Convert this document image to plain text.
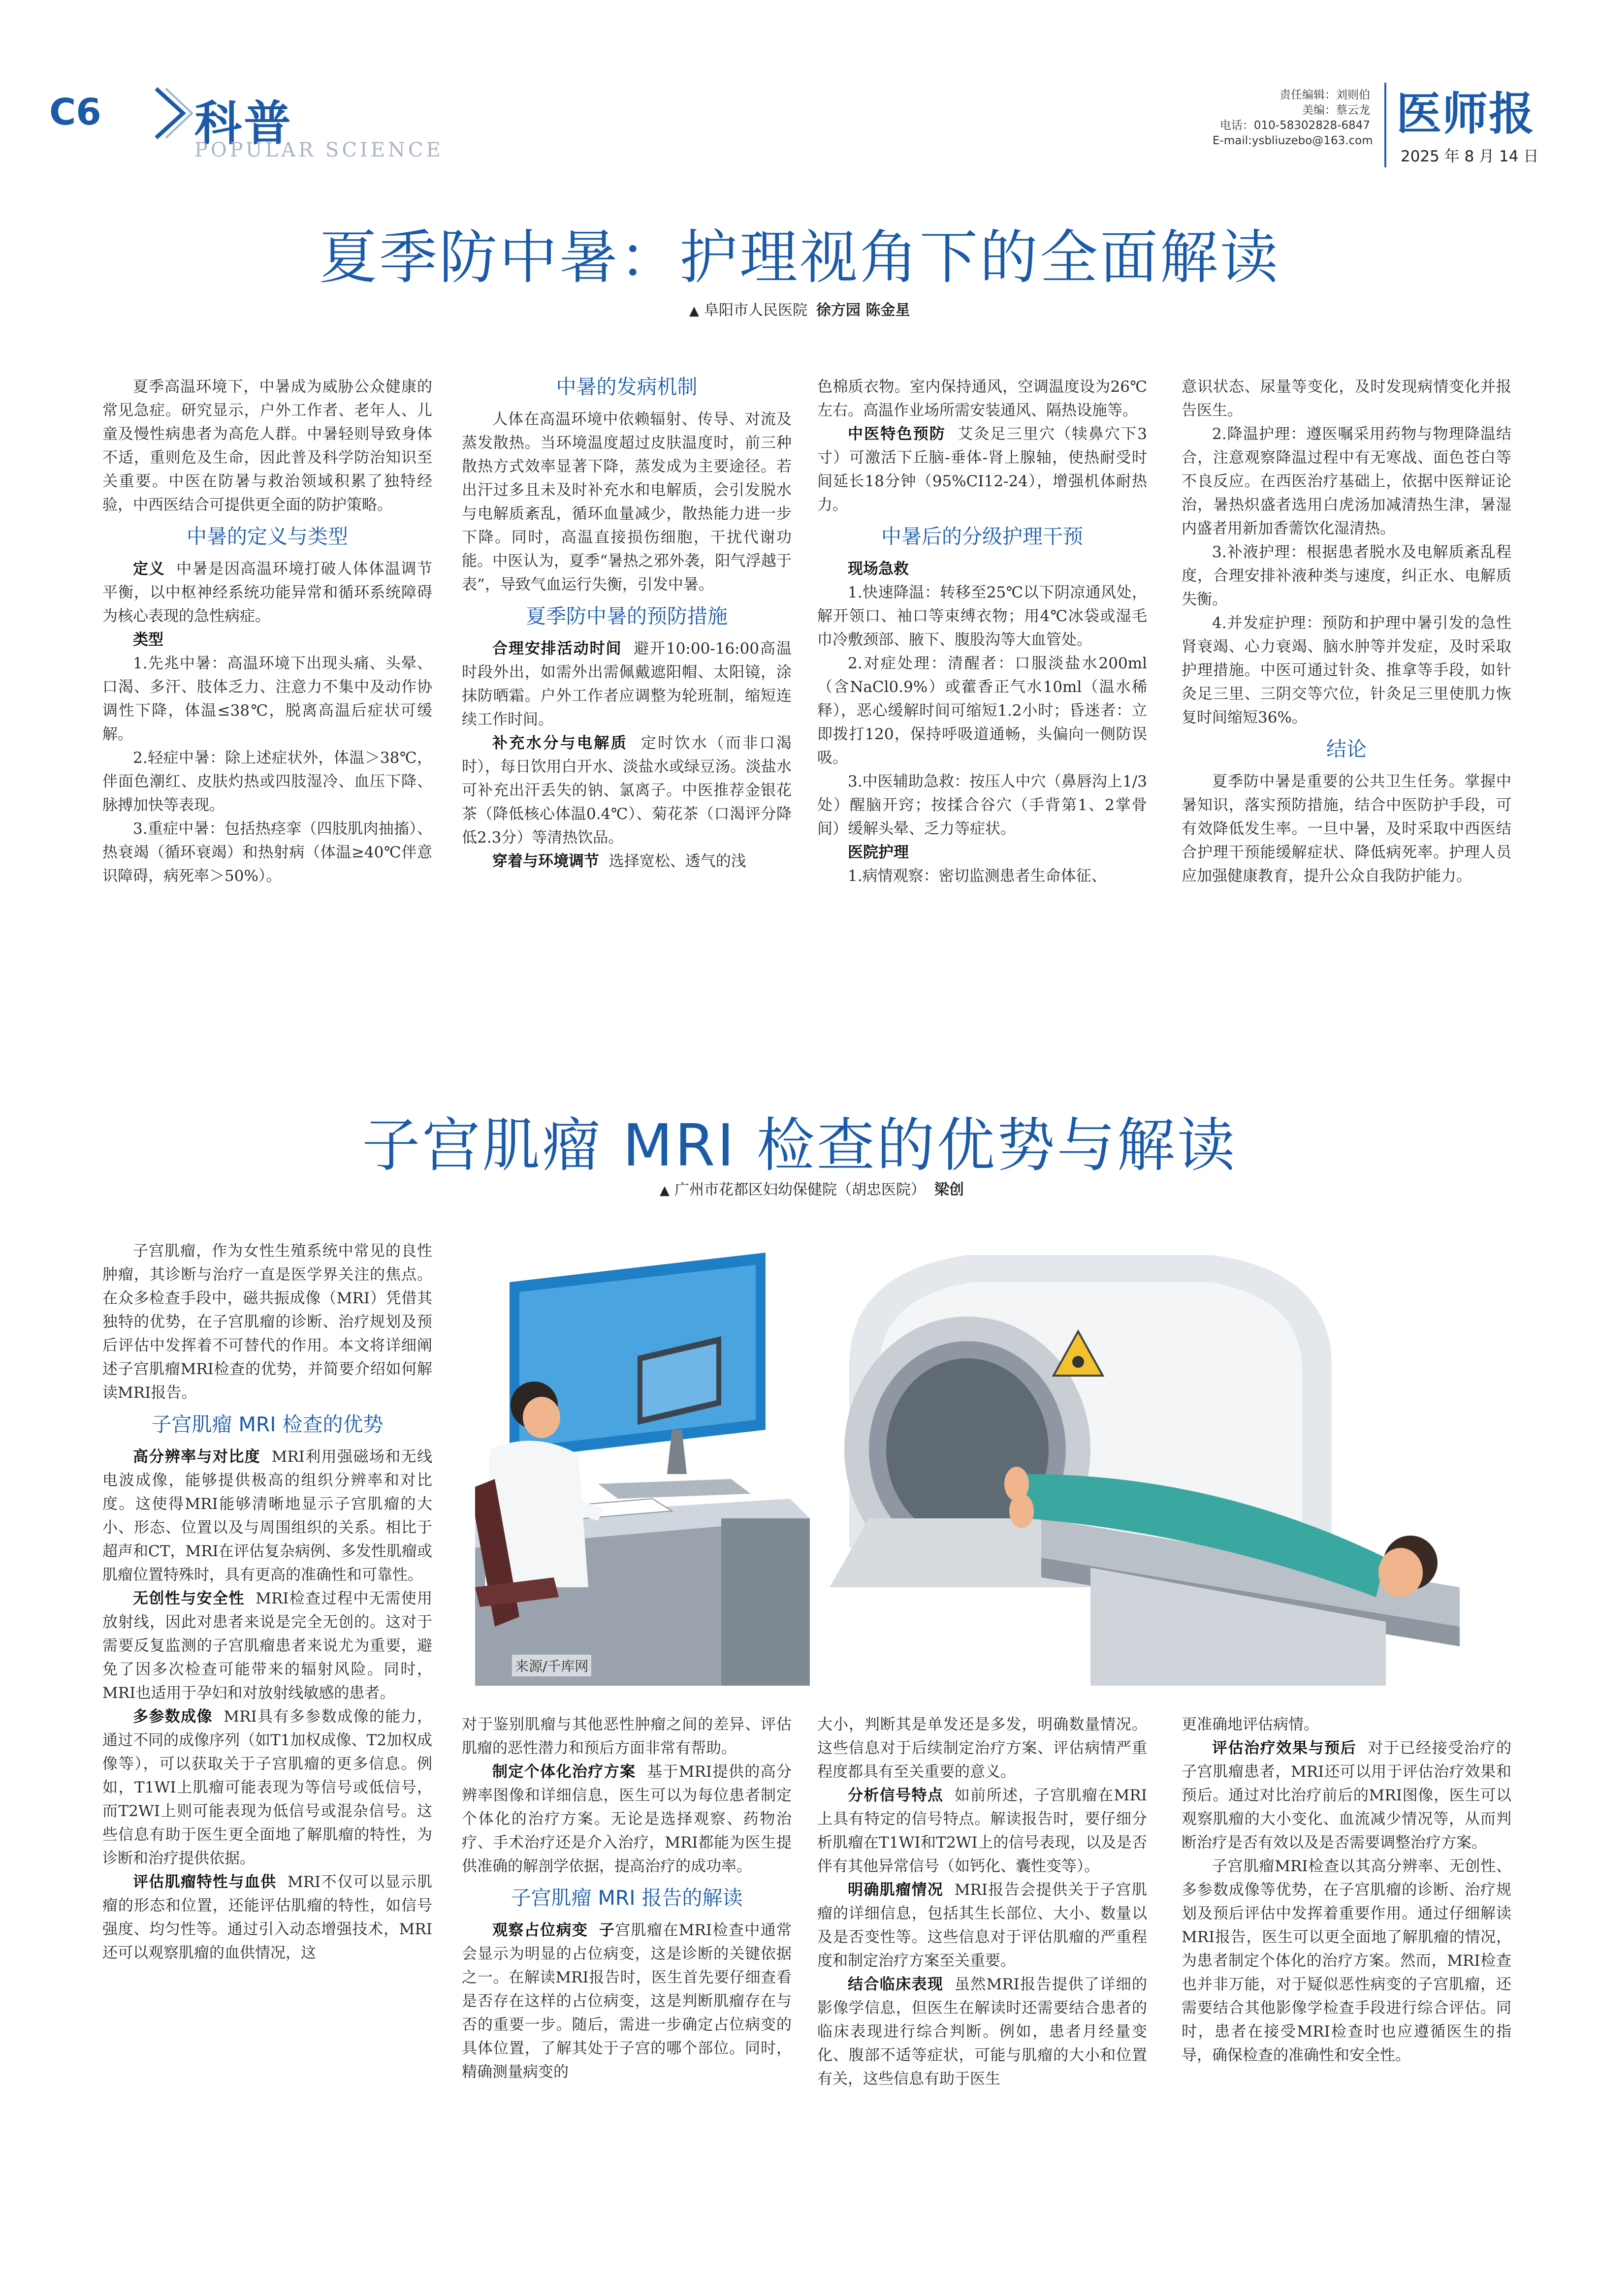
C6 科普
POPULAR SCIENCE
责任编辑：刘则伯
美编：蔡云龙
电话：010-58302828-6847
E-mail:ysbliuzebo@163.com
医师报
2025 年 8 月 14 日
夏季防中暑：护理视角下的全面解读
▲ 阜阳市人民医院 徐方园 陈金星

夏季高温环境下，中暑成为威胁公众健康的常见急症。研究显示，户外工作者、老年人、儿童及慢性病患者为高危人群。中暑轻则导致身体不适，重则危及生命，因此普及科学防治知识至关重要。中医在防暑与救治领域积累了独特经验，中西医结合可提供更全面的防护策略。

中暑的定义与类型

定义 中暑是因高温环境打破人体体温调节平衡，以中枢神经系统功能异常和循环系统障碍为核心表现的急性病症。

类型

1.先兆中暑：高温环境下出现头痛、头晕、口渴、多汗、肢体乏力、注意力不集中及动作协调性下降，体温≤38℃，脱离高温后症状可缓解。

2.轻症中暑：除上述症状外，体温＞38℃，伴面色潮红、皮肤灼热或四肢湿冷、血压下降、脉搏加快等表现。

3.重症中暑：包括热痉挛（四肢肌肉抽搐）、热衰竭（循环衰竭）和热射病（体温≥40℃伴意识障碍，病死率＞50%）。

中暑的发病机制

人体在高温环境中依赖辐射、传导、对流及蒸发散热。当环境温度超过皮肤温度时，前三种散热方式效率显著下降，蒸发成为主要途径。若出汗过多且未及时补充水和电解质，会引发脱水与电解质紊乱，循环血量减少，散热能力进一步下降。同时，高温直接损伤细胞，干扰代谢功能。中医认为，夏季“暑热之邪外袭，阳气浮越于表”，导致气血运行失衡，引发中暑。

夏季防中暑的预防措施

合理安排活动时间 避开10:00-16:00高温时段外出，如需外出需佩戴遮阳帽、太阳镜，涂抹防晒霜。户外工作者应调整为轮班制，缩短连续工作时间。

补充水分与电解质 定时饮水（而非口渴时），每日饮用白开水、淡盐水或绿豆汤。淡盐水可补充出汗丢失的钠、氯离子。中医推荐金银花茶（降低核心体温0.4℃）、菊花茶（口渴评分降低2.3分）等清热饮品。

穿着与环境调节 选择宽松、透气的浅

色棉质衣物。室内保持通风，空调温度设为26℃左右。高温作业场所需安装通风、隔热设施等。

中医特色预防 艾灸足三里穴（犊鼻穴下3寸）可激活下丘脑-垂体-肾上腺轴，使热耐受时间延长18分钟（95%CI12-24），增强机体耐热力。

中暑后的分级护理干预

现场急救

1.快速降温：转移至25℃以下阴凉通风处，解开领口、袖口等束缚衣物；用4℃冰袋或湿毛巾冷敷颈部、腋下、腹股沟等大血管处。

2.对症处理：清醒者：口服淡盐水200ml（含NaCl0.9%）或藿香正气水10ml（温水稀释），恶心缓解时间可缩短1.2小时；昏迷者：立即拨打120，保持呼吸道通畅，头偏向一侧防误吸。

3.中医辅助急救：按压人中穴（鼻唇沟上1/3处）醒脑开窍；按揉合谷穴（手背第1、2掌骨间）缓解头晕、乏力等症状。

医院护理

1.病情观察：密切监测患者生命体征、

意识状态、尿量等变化，及时发现病情变化并报告医生。

2.降温护理：遵医嘱采用药物与物理降温结合，注意观察降温过程中有无寒战、面色苍白等不良反应。在西医治疗基础上，依据中医辩证论治，暑热炽盛者选用白虎汤加减清热生津，暑湿内盛者用新加香薷饮化湿清热。

3.补液护理：根据患者脱水及电解质紊乱程度，合理安排补液种类与速度，纠正水、电解质失衡。

4.并发症护理：预防和护理中暑引发的急性肾衰竭、心力衰竭、脑水肿等并发症，及时采取护理措施。中医可通过针灸、推拿等手段，如针灸足三里、三阴交等穴位，针灸足三里使肌力恢复时间缩短36%。

结论

夏季防中暑是重要的公共卫生任务。掌握中暑知识，落实预防措施，结合中医防护手段，可有效降低发生率。一旦中暑，及时采取中西医结合护理干预能缓解症状、降低病死率。护理人员应加强健康教育，提升公众自我防护能力。

子宫肌瘤 MRI 检查的优势与解读
▲ 广州市花都区妇幼保健院（胡忠医院） 梁创
来源/千库网

子宫肌瘤，作为女性生殖系统中常见的良性肿瘤，其诊断与治疗一直是医学界关注的焦点。在众多检查手段中，磁共振成像（MRI）凭借其独特的优势，在子宫肌瘤的诊断、治疗规划及预后评估中发挥着不可替代的作用。本文将详细阐述子宫肌瘤MRI检查的优势，并简要介绍如何解读MRI报告。

子宫肌瘤 MRI 检查的优势

高分辨率与对比度 MRI利用强磁场和无线电波成像，能够提供极高的组织分辨率和对比度。这使得MRI能够清晰地显示子宫肌瘤的大小、形态、位置以及与周围组织的关系。相比于超声和CT，MRI在评估复杂病例、多发性肌瘤或肌瘤位置特殊时，具有更高的准确性和可靠性。

无创性与安全性 MRI检查过程中无需使用放射线，因此对患者来说是完全无创的。这对于需要反复监测的子宫肌瘤患者来说尤为重要，避免了因多次检查可能带来的辐射风险。同时，MRI也适用于孕妇和对放射线敏感的患者。

多参数成像 MRI具有多参数成像的能力，通过不同的成像序列（如T1加权成像、T2加权成像等），可以获取关于子宫肌瘤的更多信息。例如，T1WI上肌瘤可能表现为等信号或低信号，而T2WI上则可能表现为低信号或混杂信号。这些信息有助于医生更全面地了解肌瘤的特性，为诊断和治疗提供依据。

评估肌瘤特性与血供 MRI不仅可以显示肌瘤的形态和位置，还能评估肌瘤的特性，如信号强度、均匀性等。通过引入动态增强技术，MRI还可以观察肌瘤的血供情况，这

对于鉴别肌瘤与其他恶性肿瘤之间的差异、评估肌瘤的恶性潜力和预后方面非常有帮助。

制定个体化治疗方案 基于MRI提供的高分辨率图像和详细信息，医生可以为每位患者制定个体化的治疗方案。无论是选择观察、药物治疗、手术治疗还是介入治疗，MRI都能为医生提供准确的解剖学依据，提高治疗的成功率。

子宫肌瘤 MRI 报告的解读

观察占位病变 子宫肌瘤在MRI检查中通常会显示为明显的占位病变，这是诊断的关键依据之一。在解读MRI报告时，医生首先要仔细查看是否存在这样的占位病变，这是判断肌瘤存在与否的重要一步。随后，需进一步确定占位病变的具体位置，了解其处于子宫的哪个部位。同时，精确测量病变的

大小，判断其是单发还是多发，明确数量情况。这些信息对于后续制定治疗方案、评估病情严重程度都具有至关重要的意义。

分析信号特点 如前所述，子宫肌瘤在MRI上具有特定的信号特点。解读报告时，要仔细分析肌瘤在T1WI和T2WI上的信号表现，以及是否伴有其他异常信号（如钙化、囊性变等）。

明确肌瘤情况 MRI报告会提供关于子宫肌瘤的详细信息，包括其生长部位、大小、数量以及是否变性等。这些信息对于评估肌瘤的严重程度和制定治疗方案至关重要。

结合临床表现 虽然MRI报告提供了详细的影像学信息，但医生在解读时还需要结合患者的临床表现进行综合判断。例如，患者月经量变化、腹部不适等症状，可能与肌瘤的大小和位置有关，这些信息有助于医生

更准确地评估病情。

评估治疗效果与预后 对于已经接受治疗的子宫肌瘤患者，MRI还可以用于评估治疗效果和预后。通过对比治疗前后的MRI图像，医生可以观察肌瘤的大小变化、血流减少情况等，从而判断治疗是否有效以及是否需要调整治疗方案。

子宫肌瘤MRI检查以其高分辨率、无创性、多参数成像等优势，在子宫肌瘤的诊断、治疗规划及预后评估中发挥着重要作用。通过仔细解读MRI报告，医生可以更全面地了解肌瘤的情况，为患者制定个体化的治疗方案。然而，MRI检查也并非万能，对于疑似恶性病变的子宫肌瘤，还需要结合其他影像学检查手段进行综合评估。同时，患者在接受MRI检查时也应遵循医生的指导，确保检查的准确性和安全性。
